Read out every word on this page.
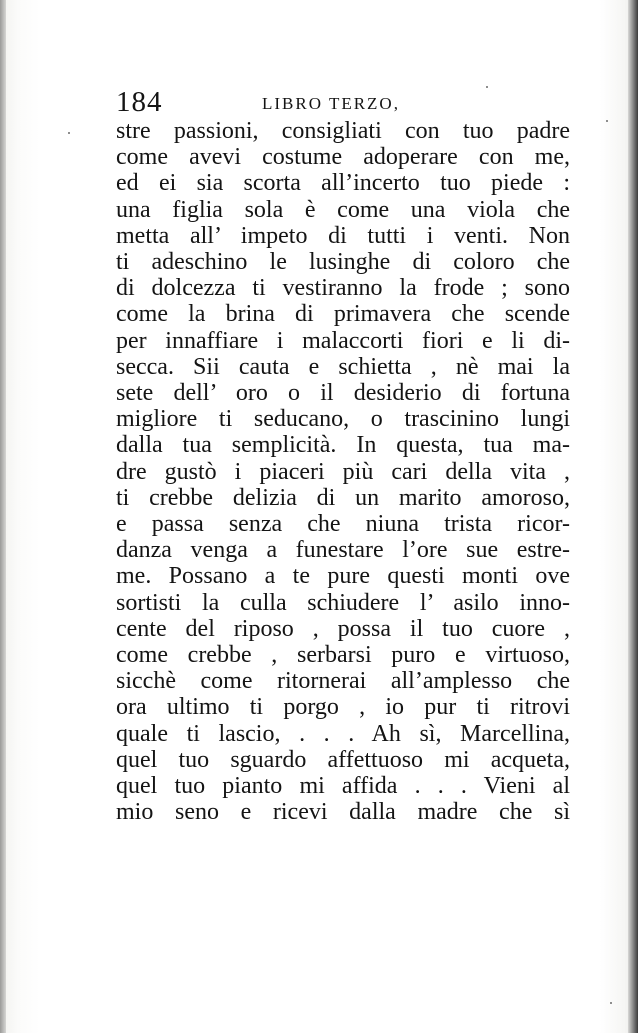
184	LIBRO TERZO,
stre passioni, consigliati con tuo padre
come avevi costume adoperare con me,
ed ei sia scorta all’incerto tuo piede :
una figlia sola è come una viola che
metta all’ impeto di tutti i venti. Non
ti adeschino le lusinghe di coloro che
di dolcezza ti vestiranno la frode ; sono
come la brina di primavera che scende
per innaffiare i malaccorti fiori e li di-
secca. Sii cauta e schietta , nè mai la
sete dell’ oro o il desiderio di fortuna
migliore ti seducano, o trascinino lungi
dalla tua semplicità. In questa, tua ma-
dre gustò i piaceri più cari della vita ,
ti crebbe delizia di un marito amoroso,
e passa senza che niuna trista ricor-
danza venga a funestare l’ore sue estre-
me. Possano a te pure questi monti ove
sortisti la culla schiudere l’ asilo inno-
cente del riposo , possa il tuo cuore ,
come crebbe , serbarsi puro e virtuoso,
sicchè come ritornerai all’amplesso che
ora ultimo ti porgo , io pur ti ritrovi
quale ti lascio, . . . Ah sì, Marcellina,
quel tuo sguardo affettuoso mi acqueta,
quel tuo pianto mi affida . . . Vieni al
mio seno e ricevi dalla madre che sì
